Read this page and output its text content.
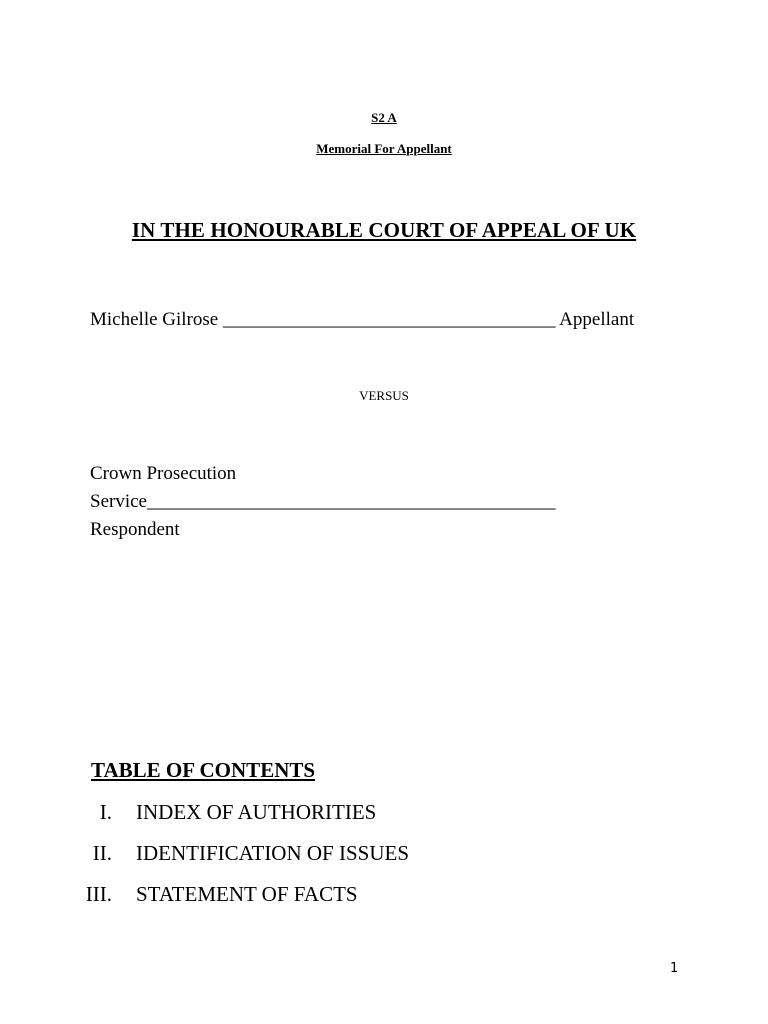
S2 A
Memorial For Appellant
IN THE HONOURABLE COURT OF APPEAL OF UK
Michelle Gilrose ___________________________________ Appellant
VERSUS
Crown Prosecution
Service___________________________________________
Respondent
TABLE OF CONTENTS
I. INDEX OF AUTHORITIES
II. IDENTIFICATION OF ISSUES
III. STATEMENT OF FACTS
1
